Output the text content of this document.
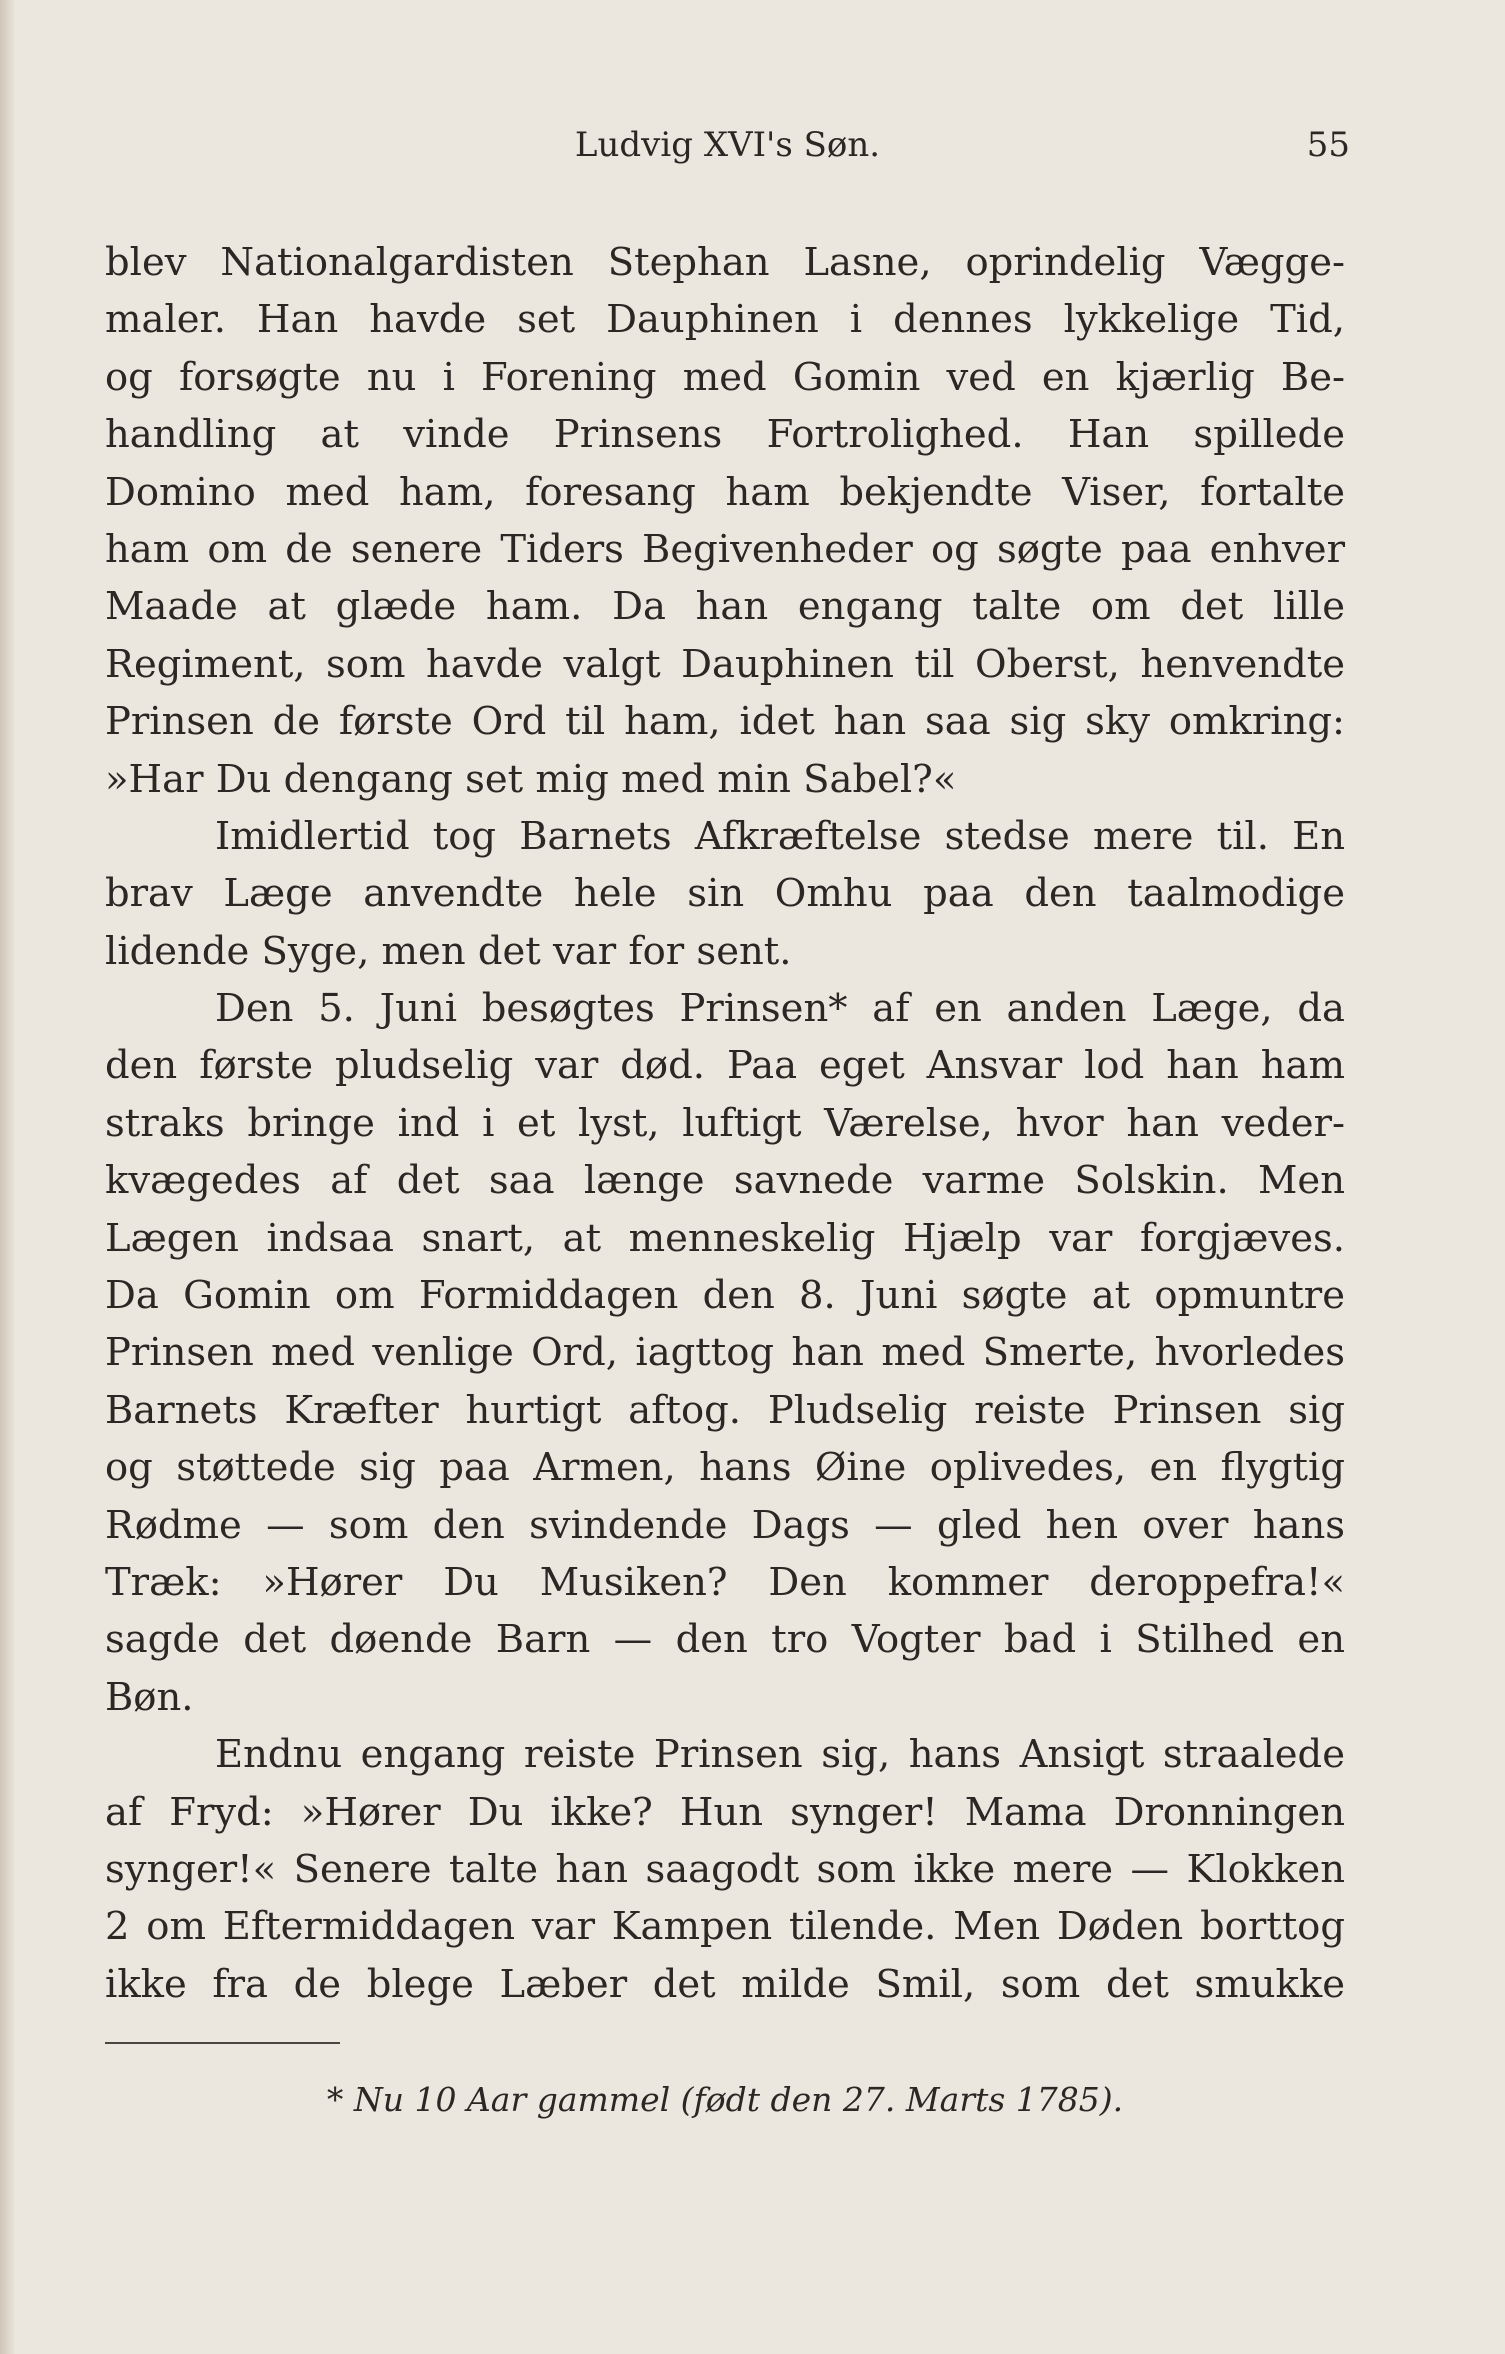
Ludvig XVI's Søn.	55
blev Nationalgardisten Stephan Lasne, oprindelig Vægge-
maler. Han havde set Dauphinen i dennes lykkelige Tid,
og forsøgte nu i Forening med Gomin ved en kjærlig Be-
handling at vinde Prinsens Fortrolighed. Han spillede
Domino med ham, foresang ham bekjendte Viser, fortalte
ham om de senere Tiders Begivenheder og søgte paa enhver
Maade at glæde ham. Da han engang talte om det lille
Regiment, som havde valgt Dauphinen til Oberst, henvendte
Prinsen de første Ord til ham, idet han saa sig sky omkring:
»Har Du dengang set mig med min Sabel?«
Imidlertid tog Barnets Afkræftelse stedse mere til. En
brav Læge anvendte hele sin Omhu paa den taalmodige
lidende Syge, men det var for sent.
Den 5. Juni besøgtes Prinsen* af en anden Læge, da
den første pludselig var død. Paa eget Ansvar lod han ham
straks bringe ind i et lyst, luftigt Værelse, hvor han veder-
kvægedes af det saa længe savnede varme Solskin. Men
Lægen indsaa snart, at menneskelig Hjælp var forgjæves.
Da Gomin om Formiddagen den 8. Juni søgte at opmuntre
Prinsen med venlige Ord, iagttog han med Smerte, hvorledes
Barnets Kræfter hurtigt aftog. Pludselig reiste Prinsen sig
og støttede sig paa Armen, hans Øine oplivedes, en flygtig
Rødme — som den svindende Dags — gled hen over hans
Træk: »Hører Du Musiken? Den kommer deroppefra!«
sagde det døende Barn — den tro Vogter bad i Stilhed en
Bøn.
Endnu engang reiste Prinsen sig, hans Ansigt straalede
af Fryd: »Hører Du ikke? Hun synger! Mama Dronningen
synger!« Senere talte han saagodt som ikke mere — Klokken
2 om Eftermiddagen var Kampen tilende. Men Døden borttog
ikke fra de blege Læber det milde Smil, som det smukke
* Nu 10 Aar gammel (født den 27. Marts 1785).
